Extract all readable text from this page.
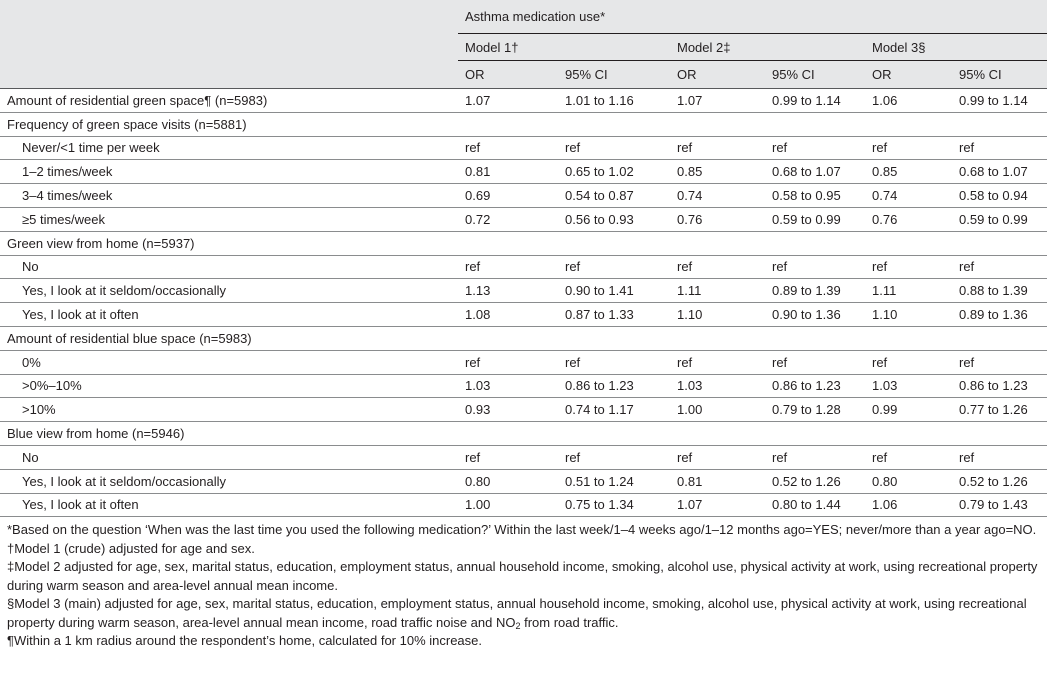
	Asthma medication use*					
	Model 1†		Model 2‡		Model 3§	
	OR	95% CI	OR	95% CI	OR	95% CI
Amount of residential green space¶ (n=5983)	1.07	1.01 to 1.16	1.07	0.99 to 1.14	1.06	0.99 to 1.14
Frequency of green space visits (n=5881)						
Never/<1 time per week	ref	ref	ref	ref	ref	ref
1–2 times/week	0.81	0.65 to 1.02	0.85	0.68 to 1.07	0.85	0.68 to 1.07
3–4 times/week	0.69	0.54 to 0.87	0.74	0.58 to 0.95	0.74	0.58 to 0.94
≥5 times/week	0.72	0.56 to 0.93	0.76	0.59 to 0.99	0.76	0.59 to 0.99
Green view from home (n=5937)						
No	ref	ref	ref	ref	ref	ref
Yes, I look at it seldom/occasionally	1.13	0.90 to 1.41	1.11	0.89 to 1.39	1.11	0.88 to 1.39
Yes, I look at it often	1.08	0.87 to 1.33	1.10	0.90 to 1.36	1.10	0.89 to 1.36
Amount of residential blue space (n=5983)						
0%	ref	ref	ref	ref	ref	ref
>0%–10%	1.03	0.86 to 1.23	1.03	0.86 to 1.23	1.03	0.86 to 1.23
>10%	0.93	0.74 to 1.17	1.00	0.79 to 1.28	0.99	0.77 to 1.26
Blue view from home (n=5946)						
No	ref	ref	ref	ref	ref	ref
Yes, I look at it seldom/occasionally	0.80	0.51 to 1.24	0.81	0.52 to 1.26	0.80	0.52 to 1.26
Yes, I look at it often	1.00	0.75 to 1.34	1.07	0.80 to 1.44	1.06	0.79 to 1.43

*Based on the question ‘When was the last time you used the following medication?’ Within the last week/1–4 weeks ago/1–12 months ago=YES; never/more than a year ago=NO.

†Model 1 (crude) adjusted for age and sex.

‡Model 2 adjusted for age, sex, marital status, education, employment status, annual household income, smoking, alcohol use, physical activity at work, using recreational property during warm season and area-level annual mean income.

§Model 3 (main) adjusted for age, sex, marital status, education, employment status, annual household income, smoking, alcohol use, physical activity at work, using recreational property during warm season, area-level annual mean income, road traffic noise and $NO_2$ from road traffic.

¶Within a 1 km radius around the respondent’s home, calculated for 10% increase.
